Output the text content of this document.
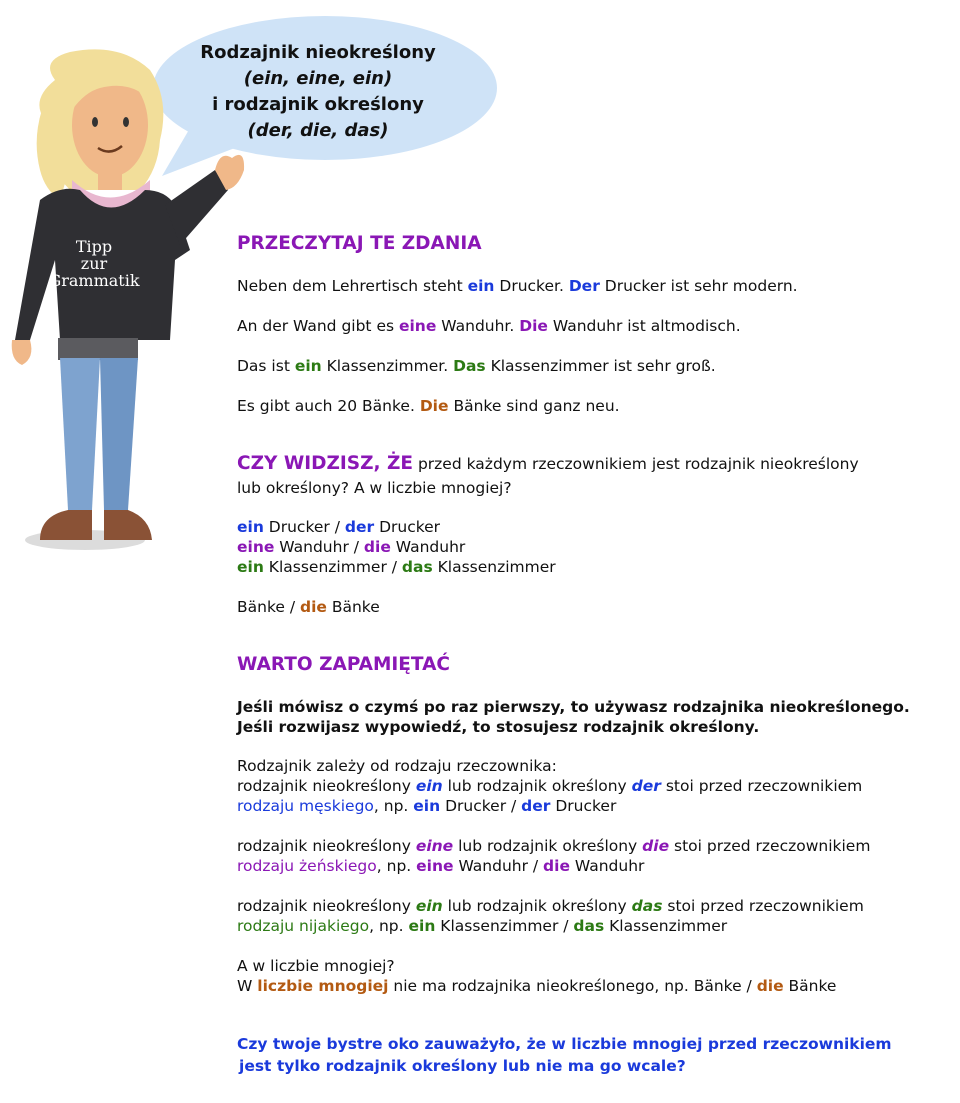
Rodzajnik nieokreślony
(ein, eine, ein)
i rodzajnik określony
(der, die, das)
Tipp
zur
Grammatik
PRZECZYTAJ TE ZDANIA
Neben dem Lehrertisch steht ein Drucker. Der Drucker ist sehr modern.
An der Wand gibt es eine Wanduhr. Die Wanduhr ist altmodisch.
Das ist ein Klassenzimmer. Das Klassenzimmer ist sehr groß.
Es gibt auch 20 Bänke. Die Bänke sind ganz neu.
CZY WIDZISZ, ŻE przed każdym rzeczownikiem jest rodzajnik nieokreślony
lub określony? A w liczbie mnogiej?
ein Drucker / der Drucker
eine Wanduhr / die Wanduhr
ein Klassenzimmer / das Klassenzimmer
Bänke / die Bänke
WARTO ZAPAMIĘTAĆ
Jeśli mówisz o czymś po raz pierwszy, to używasz rodzajnika nieokreślonego.
Jeśli rozwijasz wypowiedź, to stosujesz rodzajnik określony.
Rodzajnik zależy od rodzaju rzeczownika:
rodzajnik nieokreślony ein lub rodzajnik określony der stoi przed rzeczownikiem
rodzaju męskiego, np. ein Drucker / der Drucker
rodzajnik nieokreślony eine lub rodzajnik określony die stoi przed rzeczownikiem
rodzaju żeńskiego, np. eine Wanduhr / die Wanduhr
rodzajnik nieokreślony ein lub rodzajnik określony das stoi przed rzeczownikiem
rodzaju nijakiego, np. ein Klassenzimmer / das Klassenzimmer
A w liczbie mnogiej?
W liczbie mnogiej nie ma rodzajnika nieokreślonego, np. Bänke / die Bänke
Czy twoje bystre oko zauważyło, że w liczbie mnogiej przed rzeczownikiem
jest tylko rodzajnik określony lub nie ma go wcale?
